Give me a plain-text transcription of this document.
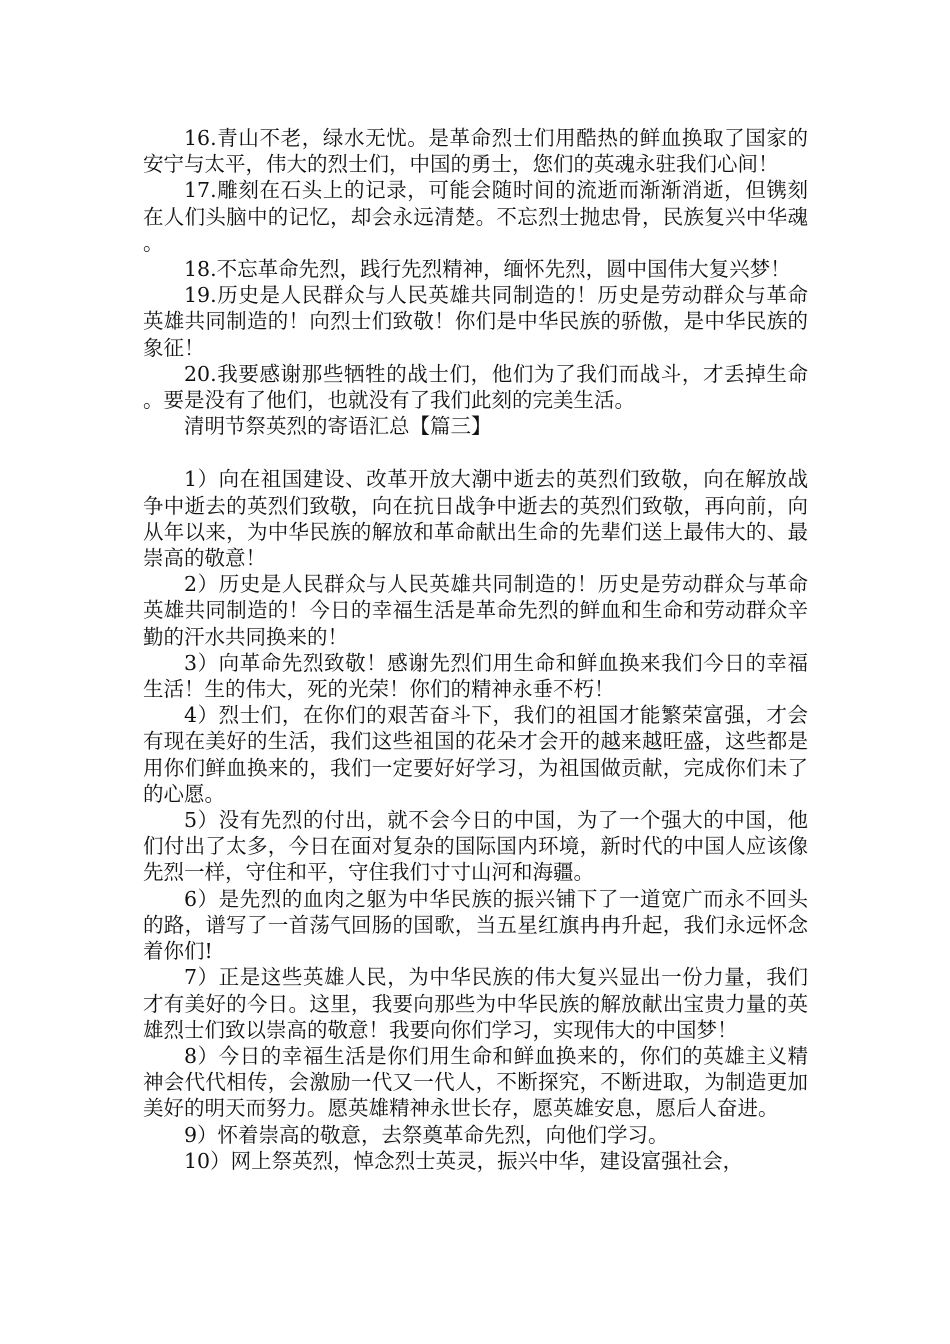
16.青山不老，绿水无忧。是革命烈士们用酷热的鲜血换取了国家的安宁与太平，伟大的烈士们，中国的勇士，您们的英魂永驻我们心间！

17.雕刻在石头上的记录，可能会随时间的流逝而渐渐消逝，但镌刻在人们头脑中的记忆，却会永远清楚。不忘烈士抛忠骨，民族复兴中华魂。

18.不忘革命先烈，践行先烈精神，缅怀先烈，圆中国伟大复兴梦！

19.历史是人民群众与人民英雄共同制造的！历史是劳动群众与革命英雄共同制造的！向烈士们致敬！你们是中华民族的骄傲，是中华民族的象征！

20.我要感谢那些牺牲的战士们，他们为了我们而战斗，才丢掉生命。要是没有了他们，也就没有了我们此刻的完美生活。

清明节祭英烈的寄语汇总【篇三】

1）向在祖国建设、改革开放大潮中逝去的英烈们致敬，向在解放战争中逝去的英烈们致敬，向在抗日战争中逝去的英烈们致敬，再向前，向从年以来，为中华民族的解放和革命献出生命的先辈们送上最伟大的、最崇高的敬意！

2）历史是人民群众与人民英雄共同制造的！历史是劳动群众与革命英雄共同制造的！今日的幸福生活是革命先烈的鲜血和生命和劳动群众辛勤的汗水共同换来的！

3）向革命先烈致敬！感谢先烈们用生命和鲜血换来我们今日的幸福生活！生的伟大，死的光荣！你们的精神永垂不朽！

4）烈士们，在你们的艰苦奋斗下，我们的祖国才能繁荣富强，才会有现在美好的生活，我们这些祖国的花朵才会开的越来越旺盛，这些都是用你们鲜血换来的，我们一定要好好学习，为祖国做贡献，完成你们未了的心愿。

5）没有先烈的付出，就不会今日的中国，为了一个强大的中国，他们付出了太多，今日在面对复杂的国际国内环境，新时代的中国人应该像先烈一样，守住和平，守住我们寸寸山河和海疆。

6）是先烈的血肉之躯为中华民族的振兴铺下了一道宽广而永不回头的路，谱写了一首荡气回肠的国歌，当五星红旗冉冉升起，我们永远怀念着你们!

7）正是这些英雄人民，为中华民族的伟大复兴显出一份力量，我们才有美好的今日。这里，我要向那些为中华民族的解放献出宝贵力量的英雄烈士们致以崇高的敬意！我要向你们学习，实现伟大的中国梦！

8）今日的幸福生活是你们用生命和鲜血换来的，你们的英雄主义精神会代代相传，会激励一代又一代人，不断探究，不断进取，为制造更加美好的明天而努力。愿英雄精神永世长存，愿英雄安息，愿后人奋进。

9）怀着崇高的敬意，去祭奠革命先烈，向他们学习。

10）网上祭英烈，悼念烈士英灵，振兴中华，建设富强社会，
